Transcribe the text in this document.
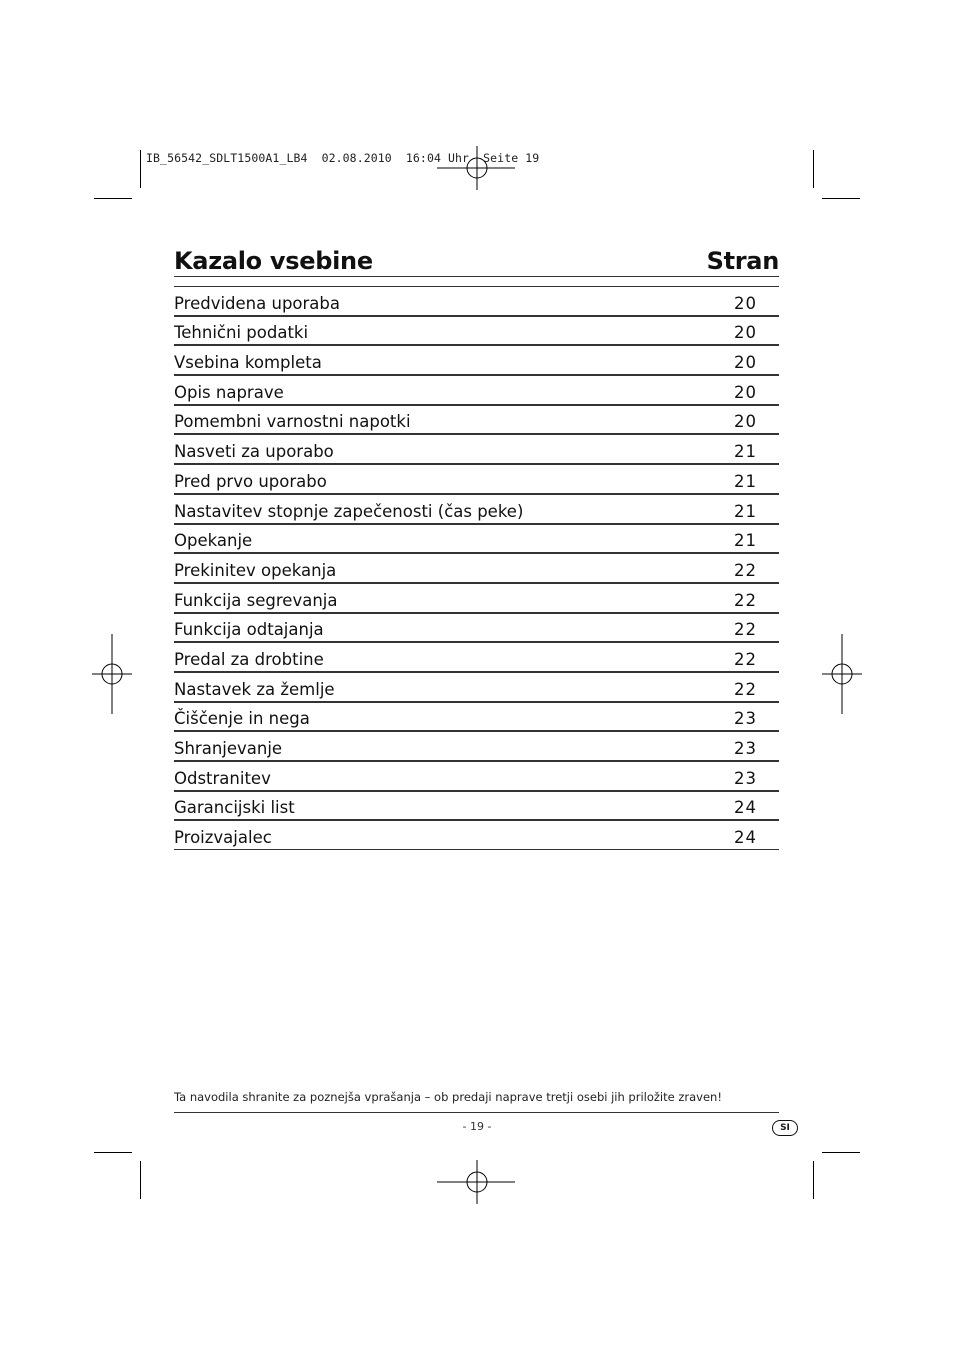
IB_56542_SDLT1500A1_LB4  02.08.2010  16:04 Uhr  Seite 19
Kazalo vsebine	Stran
Predvidena uporaba	20
Tehnični podatki	20
Vsebina kompleta	20
Opis naprave	20
Pomembni varnostni napotki	20
Nasveti za uporabo	21
Pred prvo uporabo	21
Nastavitev stopnje zapečenosti (čas peke)	21
Opekanje	21
Prekinitev opekanja	22
Funkcija segrevanja	22
Funkcija odtajanja	22
Predal za drobtine	22
Nastavek za žemlje	22
Čiščenje in nega	23
Shranjevanje	23
Odstranitev	23
Garancijski list	24
Proizvajalec	24
Ta navodila shranite za poznejša vprašanja – ob predaji naprave tretji osebi jih priložite zraven!
- 19 -	SI
